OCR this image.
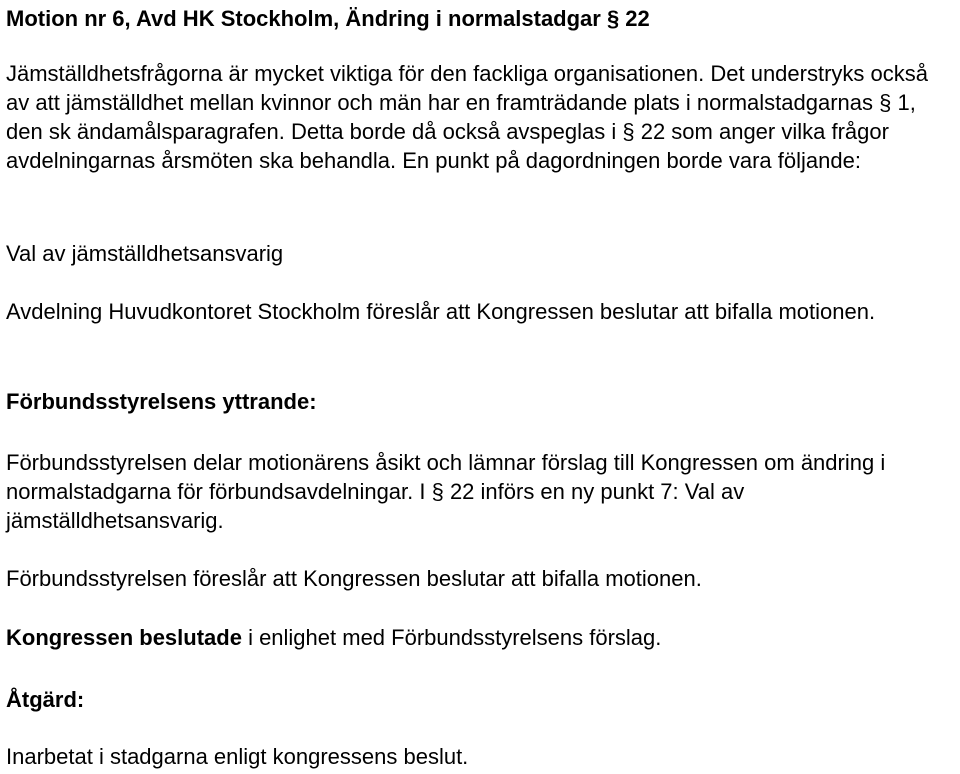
Motion nr 6, Avd HK Stockholm, Ändring i normalstadgar § 22

Jämställdhetsfrågorna är mycket viktiga för den fackliga organisationen. Det understryks också av att jämställdhet mellan kvinnor och män har en framträdande plats i normalstadgarnas § 1, den sk ändamålsparagrafen. Detta borde då också avspeglas i § 22 som anger vilka frågor avdelningarnas årsmöten ska behandla. En punkt på dagordningen borde vara följande:

Val av jämställdhetsansvarig

Avdelning Huvudkontoret Stockholm föreslår att Kongressen beslutar att bifalla motionen.

Förbundsstyrelsens yttrande:

Förbundsstyrelsen delar motionärens åsikt och lämnar förslag till Kongressen om ändring i normalstadgarna för förbundsavdelningar. I § 22 införs en ny punkt 7: Val av jämställdhetsansvarig.

Förbundsstyrelsen föreslår att Kongressen beslutar att bifalla motionen.

Kongressen beslutade i enlighet med Förbundsstyrelsens förslag.

Åtgärd:

Inarbetat i stadgarna enligt kongressens beslut.
